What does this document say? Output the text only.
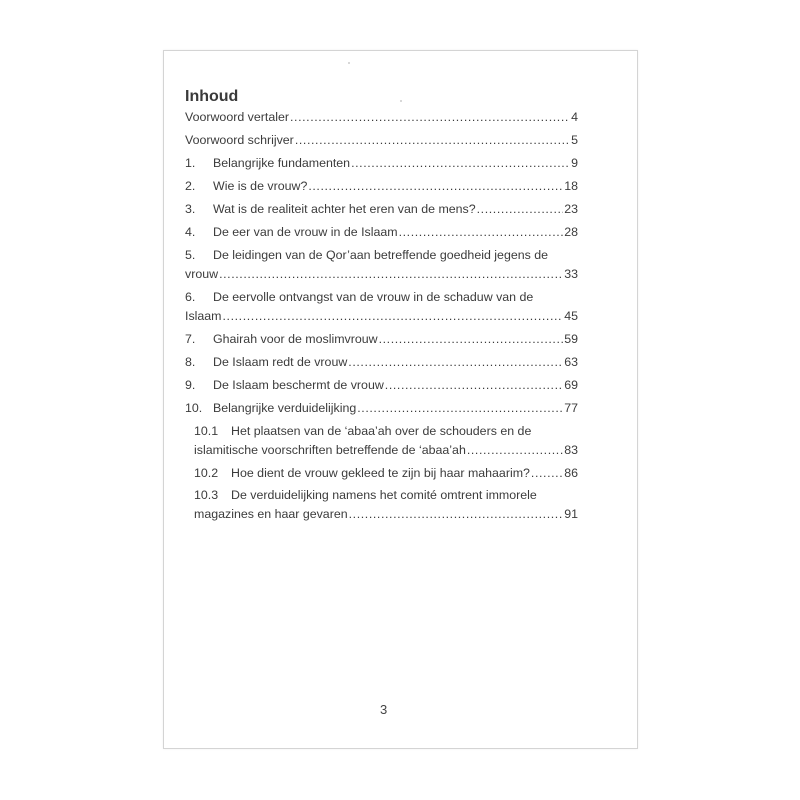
Inhoud
Voorwoord vertaler .....	4
Voorwoord schrijver .....	5
1.	Belangrijke fundamenten .....	9
2.	Wie is de vrouw? .....	18
3.	Wat is de realiteit achter het eren van de mens? .....	23
4.	De eer van de vrouw in de Islaam .....	28
5.	De leidingen van de Qor’aan betreffende goedheid jegens de
vrouw .....	33
6.	De eervolle ontvangst van de vrouw in de schaduw van de
Islaam .....	45
7.	Ghairah voor de moslimvrouw .....	59
8.	De Islaam redt de vrouw .....	63
9.	De Islaam beschermt de vrouw .....	69
10. Belangrijke verduidelijking .....	77
10.1	Het plaatsen van de ‘abaa’ah over de schouders en de
islamitische voorschriften betreffende de ‘abaa’ah .....	83
10.2	Hoe dient de vrouw gekleed te zijn bij haar mahaarim? .....	86
10.3	De verduidelijking namens het comité omtrent immorele
magazines en haar gevaren .....	91
3
